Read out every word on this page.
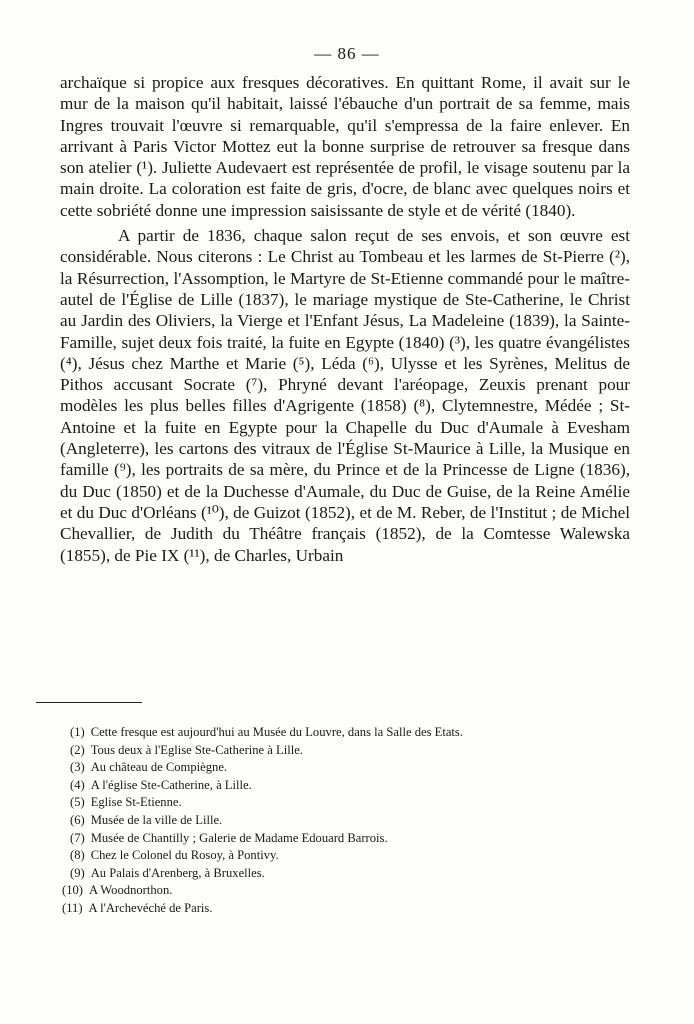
— 86 —

archaïque si propice aux fresques décoratives. En quittant Rome, il avait sur le mur de la maison qu'il habitait, laissé l'ébauche d'un portrait de sa femme, mais Ingres trouvait l'œuvre si remarquable, qu'il s'empressa de la faire enlever. En arrivant à Paris Victor Mottez eut la bonne surprise de retrouver sa fresque dans son atelier (¹). Juliette Audevaert est représentée de profil, le visage soutenu par la main droite. La coloration est faite de gris, d'ocre, de blanc avec quelques noirs et cette sobriété donne une impression saisissante de style et de vérité (1840).

A partir de 1836, chaque salon reçut de ses envois, et son œuvre est considérable. Nous citerons : Le Christ au Tombeau et les larmes de St-Pierre (²), la Résurrection, l'Assomption, le Martyre de St-Etienne commandé pour le maître-autel de l'Église de Lille (1837), le mariage mystique de Ste-Catherine, le Christ au Jardin des Oliviers, la Vierge et l'Enfant Jésus, La Madeleine (1839), la Sainte-Famille, sujet deux fois traité, la fuite en Egypte (1840) (³), les quatre évangélistes (⁴), Jésus chez Marthe et Marie (⁵), Léda (⁶), Ulysse et les Syrènes, Melitus de Pithos accusant Socrate (⁷), Phryné devant l'aréopage, Zeuxis prenant pour modèles les plus belles filles d'Agrigente (1858) (⁸), Clytemnestre, Médée ; St-Antoine et la fuite en Egypte pour la Chapelle du Duc d'Aumale à Evesham (Angleterre), les cartons des vitraux de l'Église St-Maurice à Lille, la Musique en famille (⁹), les portraits de sa mère, du Prince et de la Princesse de Ligne (1836), du Duc (1850) et de la Duchesse d'Aumale, du Duc de Guise, de la Reine Amélie et du Duc d'Orléans (¹⁰), de Guizot (1852), et de M. Reber, de l'Institut ; de Michel Chevallier, de Judith du Théâtre français (1852), de la Comtesse Walewska (1855), de Pie IX (¹¹), de Charles, Urbain

(1) Cette fresque est aujourd'hui au Musée du Louvre, dans la Salle des Etats.
(2) Tous deux à l'Eglise Ste-Catherine à Lille.
(3) Au château de Compiègne.
(4) A l'église Ste-Catherine, à Lille.
(5) Eglise St-Etienne.
(6) Musée de la ville de Lille.
(7) Musée de Chantilly ; Galerie de Madame Edouard Barrois.
(8) Chez le Colonel du Rosoy, à Pontivy.
(9) Au Palais d'Arenberg, à Bruxelles.
(10) A Woodnorthon.
(11) A l'Archevéché de Paris.
